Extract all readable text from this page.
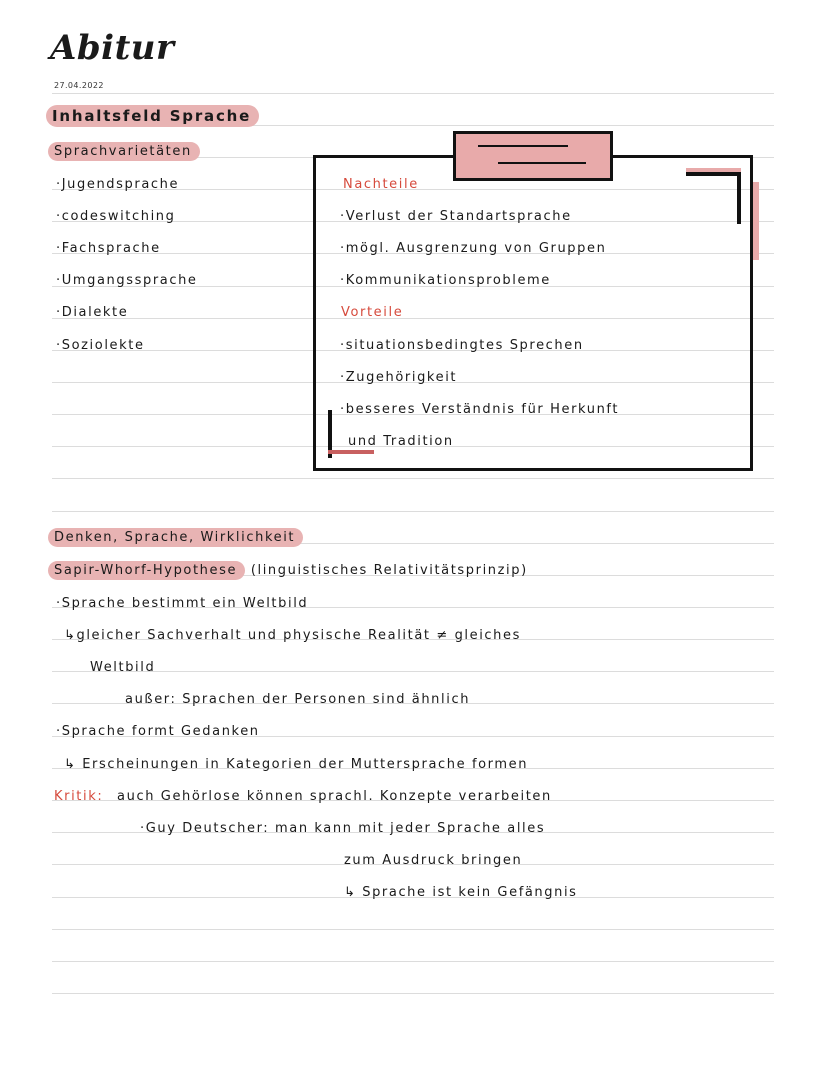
Abitur
27.04.2022
Inhaltsfeld Sprache
Sprachvarietäten
·Jugendsprache
·codeswitching
·Fachsprache
·Umgangssprache
·Dialekte
·Soziolekte
Nachteile
·Verlust der Standartsprache
·mögl. Ausgrenzung von Gruppen
·Kommunikationsprobleme
Vorteile
·situationsbedingtes Sprechen
·Zugehörigkeit
·besseres Verständnis für Herkunft
und Tradition
Denken, Sprache, Wirklichkeit
Sapir-Whorf-Hypothese (linguistisches Relativitätsprinzip)
·Sprache bestimmt ein Weltbild
↳gleicher Sachverhalt und physische Realität ≠ gleiches
Weltbild
außer: Sprachen der Personen sind ähnlich
·Sprache formt Gedanken
↳ Erscheinungen in Kategorien der Muttersprache formen
Kritik: auch Gehörlose können sprachl. Konzepte verarbeiten
·Guy Deutscher: man kann mit jeder Sprache alles
zum Ausdruck bringen
↳ Sprache ist kein Gefängnis
